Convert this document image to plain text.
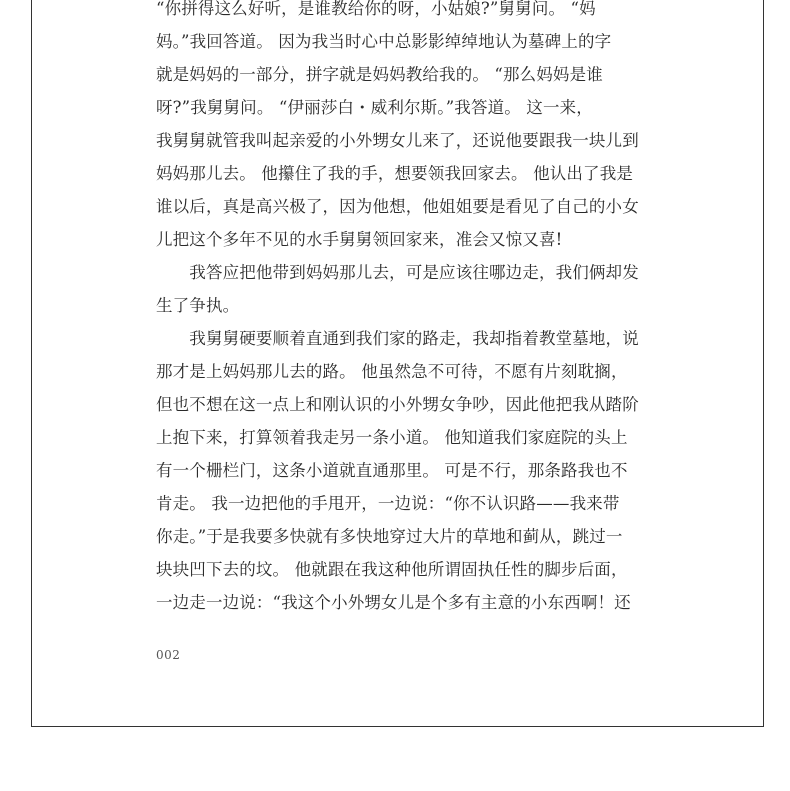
“你拼得这么好听，是谁教给你的呀，小姑娘?”舅舅问。 “妈
妈。”我回答道。 因为我当时心中总影影绰绰地认为墓碑上的字
就是妈妈的一部分，拼字就是妈妈教给我的。 “那么妈妈是谁
呀?”我舅舅问。 “伊丽莎白・威利尔斯。”我答道。 这一来，
我舅舅就管我叫起亲爱的小外甥女儿来了，还说他要跟我一块儿到
妈妈那儿去。 他攥住了我的手，想要领我回家去。 他认出了我是
谁以后，真是高兴极了，因为他想，他姐姐要是看见了自己的小女
儿把这个多年不见的水手舅舅领回家来，准会又惊又喜!
　　我答应把他带到妈妈那儿去，可是应该往哪边走，我们俩却发
生了争执。
　　我舅舅硬要顺着直通到我们家的路走，我却指着教堂墓地，说
那才是上妈妈那儿去的路。 他虽然急不可待，不愿有片刻耽搁，
但也不想在这一点上和刚认识的小外甥女争吵，因此他把我从踏阶
上抱下来，打算领着我走另一条小道。 他知道我们家庭院的头上
有一个栅栏门，这条小道就直通那里。 可是不行，那条路我也不
肯走。 我一边把他的手甩开，一边说：“你不认识路——我来带
你走。”于是我要多快就有多快地穿过大片的草地和蓟从，跳过一
块块凹下去的坟。 他就跟在我这种他所谓固执任性的脚步后面，
一边走一边说：“我这个小外甥女儿是个多有主意的小东西啊！还
002
